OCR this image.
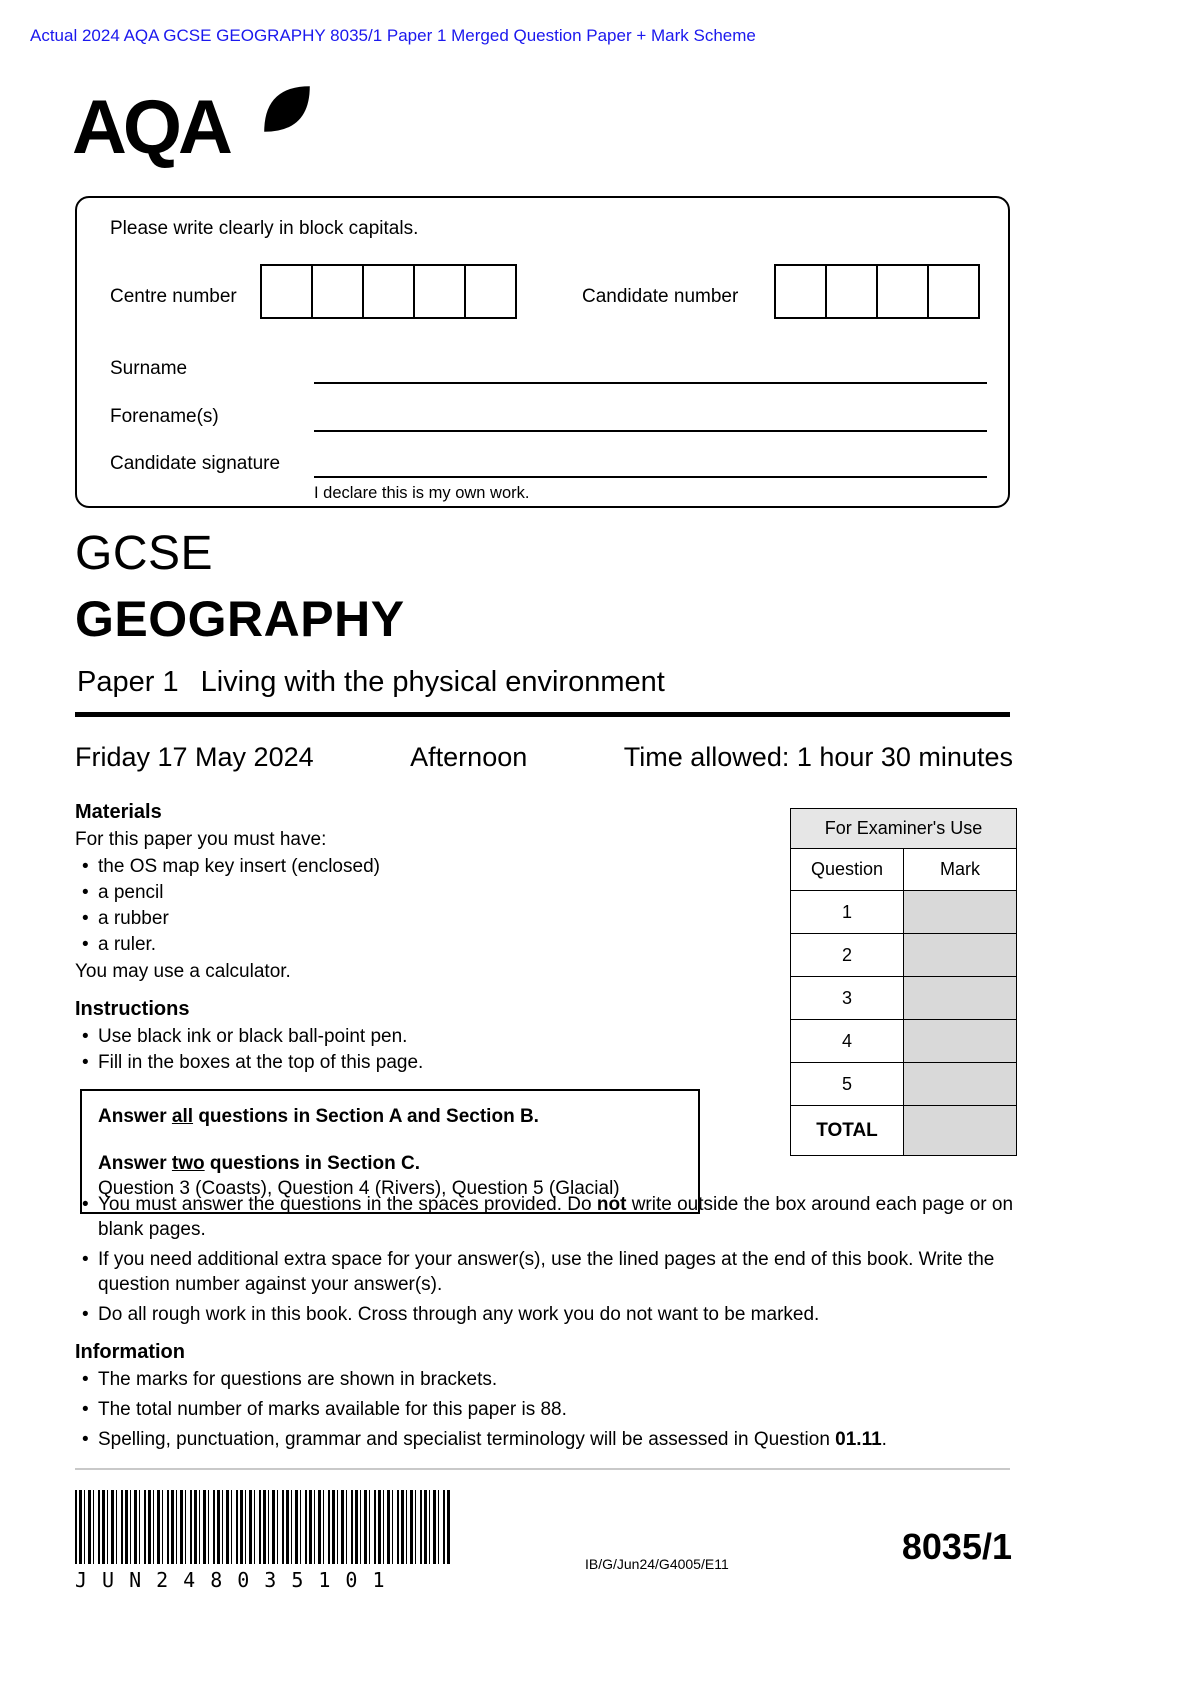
Actual 2024 AQA GCSE GEOGRAPHY 8035/1 Paper 1 Merged Question Paper + Mark Scheme
AQA
Please write clearly in block capitals.
Centre number	Candidate number
Surname
Forename(s)
Candidate signature
I declare this is my own work.
GCSE
GEOGRAPHY
Paper 1 Living with the physical environment
Friday 17 May 2024	Afternoon	Time allowed: 1 hour 30 minutes
Materials

For this paper you must have:

• the OS map key insert (enclosed)
• a pencil
• a rubber
• a ruler.

You may use a calculator.

Instructions
• Use black ink or black ball-point pen.
• Fill in the boxes at the top of this page.
Answer all questions in Section A and Section B.
Answer two questions in Section C.
Question 3 (Coasts), Question 4 (Rivers), Question 5 (Glacial)
For Examiner's Use	
Question	Mark
1	
2	
3	
4	
5	
TOTAL	
• You must answer the questions in the spaces provided. Do not write outside the box around each page or on blank pages.
• If you need additional extra space for your answer(s), use the lined pages at the end of this book. Write the question number against your answer(s).
• Do all rough work in this book. Cross through any work you do not want to be marked.
Information
• The marks for questions are shown in brackets.
• The total number of marks available for this paper is 88.
• Spelling, punctuation, grammar and specialist terminology will be assessed in Question 01.11.
JUN248035101
IB/G/Jun24/G4005/E11	8035/1
